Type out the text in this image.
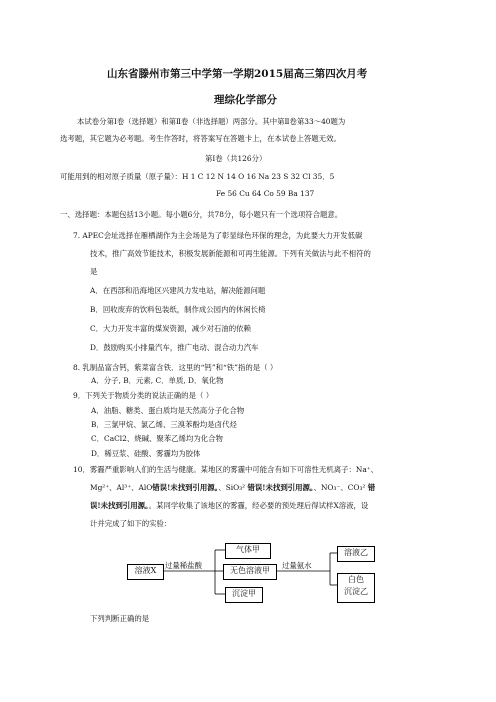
山东省滕州市第三中学第一学期2015届高三第四次月考
理综化学部分
本试卷分第Ⅰ卷（选择题）和第Ⅱ卷（非选择题）两部分。其中第Ⅱ卷第33～40题为
选考题，其它题为必考题。考生作答时，将答案写在答题卡上，在本试卷上答题无效。
第Ⅰ卷（共126分）
可能用到的相对原子质量（原子量）：H 1 C 12 N 14 O 16 Na 23 S 32 Cl 35．5
Fe 56 Cu 64 Co 59 Ba 137
一、选择题：本题包括13小题。每小题6分，共78分，每小题只有一个选项符合题意。
7. APEC会址选择在雁栖湖作为主会场是为了彰显绿色环保的理念，为此要大力开发低碳
技术，推广高效节能技术，积极发展新能源和可再生能源。下列有关做法与此不相符的
是
A．在西部和沿海地区兴建风力发电站，解决能源问题
B．回收废弃的饮料包装纸，制作成公园内的休闲长椅
C．大力开发丰富的煤炭资源，减少对石油的依赖
D．鼓励购买小排量汽车，推广电动、混合动力汽车
8. 乳制品富含钙，紫菜富含铁．这里的“钙”和“铁”指的是（ ）
A．分子, B．元素, C．单质, D．氧化物
9．下列关于物质分类的说法正确的是（ ）
A．油脂、糖类、蛋白质均是天然高分子化合物
B．三氯甲烷、氯乙烯、三溴苯酚均是卤代烃
C．CaCl2、烧碱、聚苯乙烯均为化合物
D．稀豆浆、硅酸、雾霾均为胶体
10．雾霾严重影响人们的生活与健康。某地区的雾霾中可能含有如下可溶性无机离子：Na⁺、
Mg²⁺、Al³⁺、AlO错误!未找到引用源。、SiO₃² 错误!未找到引用源。、NO₃⁻、CO₃² 错
误!未找到引用源。。某同学收集了该地区的雾霾，经必要的预处理后得试样X溶液，设
计并完成了如下的实验：
溶液X
过量稀盐酸
气体甲
无色溶液甲
沉淀甲
过量氨水
溶液乙
白色
沉淀乙
下列判断正确的是
